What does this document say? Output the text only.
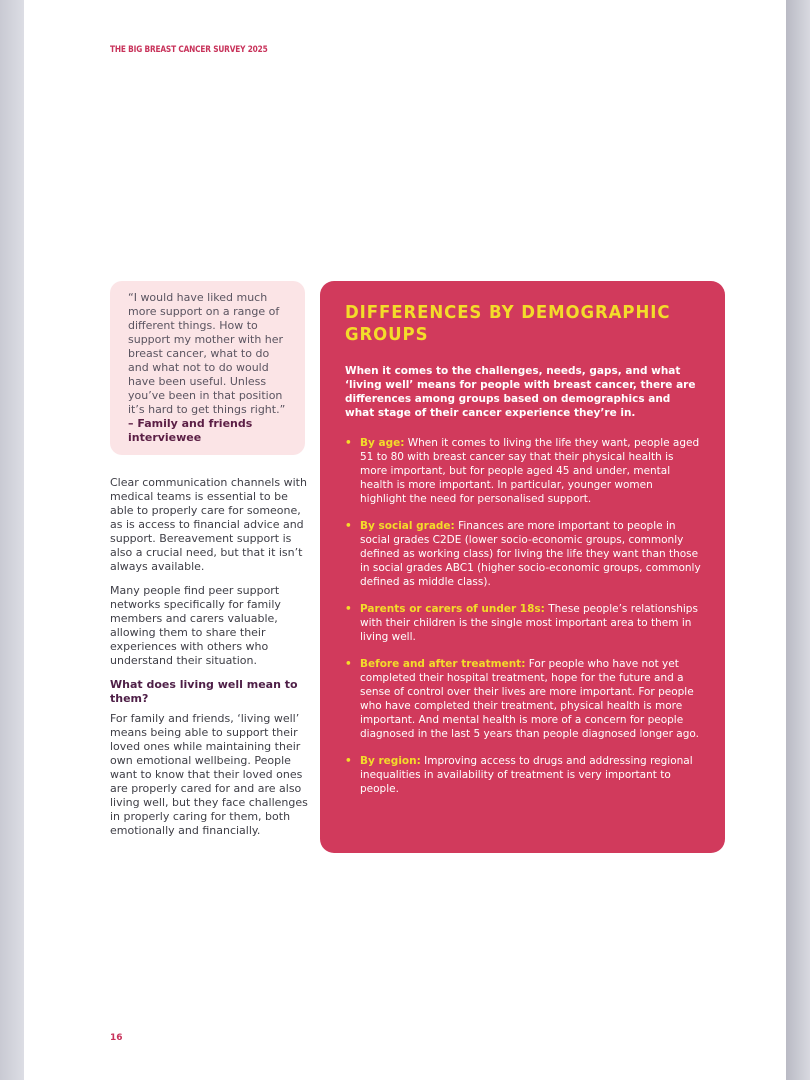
THE BIG BREAST CANCER SURVEY 2025

“I would have liked much more support on a range of different things. How to support my mother with her breast cancer, what to do and what not to do would have been useful. Unless you’ve been in that position it’s hard to get things right.”

– Family and friends interviewee

Clear communication channels with medical teams is essential to be able to properly care for someone, as is access to financial advice and support. Bereavement support is also a crucial need, but that it isn’t always available.

Many people find peer support networks specifically for family members and carers valuable, allowing them to share their experiences with others who understand their situation.

What does living well mean to them?

For family and friends, ‘living well’ means being able to support their loved ones while maintaining their own emotional wellbeing. People want to know that their loved ones are properly cared for and are also living well, but they face challenges in properly caring for them, both emotionally and financially.

DIFFERENCES BY DEMOGRAPHIC GROUPS

When it comes to the challenges, needs, gaps, and what ‘living well’ means for people with breast cancer, there are differences among groups based on demographics and what stage of their cancer experience they’re in.

• By age: When it comes to living the life they want, people aged 51 to 80 with breast cancer say that their physical health is more important, but for people aged 45 and under, mental health is more important. In particular, younger women highlight the need for personalised support.
• By social grade: Finances are more important to people in social grades C2DE (lower socio-economic groups, commonly defined as working class) for living the life they want than those in social grades ABC1 (higher socio-economic groups, commonly defined as middle class).
• Parents or carers of under 18s: These people’s relationships with their children is the single most important area to them in living well.
• Before and after treatment: For people who have not yet completed their hospital treatment, hope for the future and a sense of control over their lives are more important. For people who have completed their treatment, physical health is more important. And mental health is more of a concern for people diagnosed in the last 5 years than people diagnosed longer ago.
• By region: Improving access to drugs and addressing regional inequalities in availability of treatment is very important to people.
16
